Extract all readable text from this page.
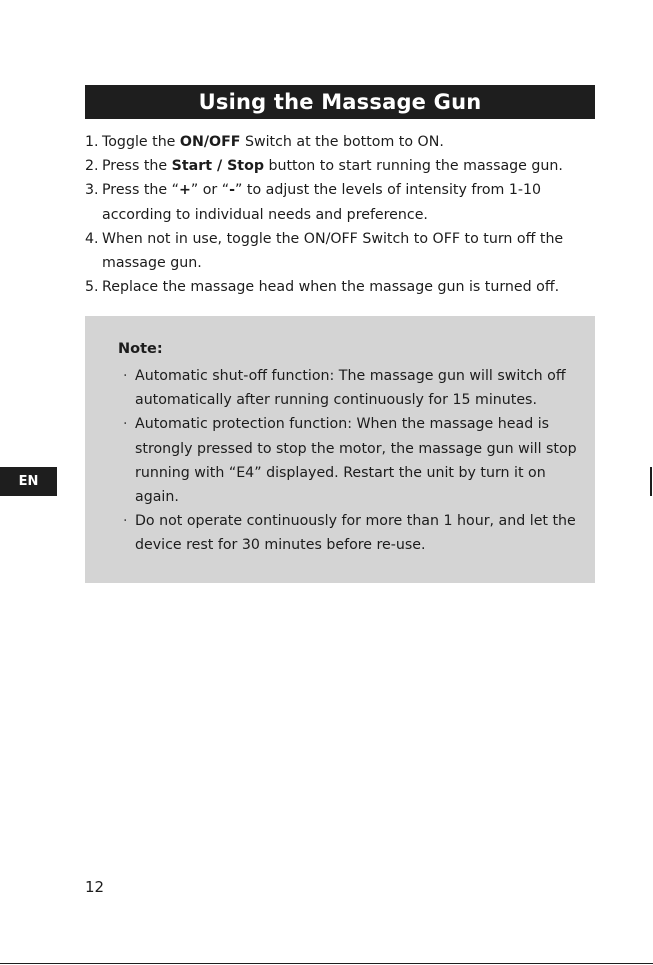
Using the Massage Gun
1. Toggle the ON/OFF Switch at the bottom to ON.
2. Press the Start / Stop button to start running the massage gun.
3. Press the “+” or “-” to adjust the levels of intensity from 1-10 according to individual needs and preference.
4. When not in use, toggle the ON/OFF Switch to OFF to turn off the massage gun.
5. Replace the massage head when the massage gun is turned off.
Note:
· Automatic shut-off function: The massage gun will switch off automatically after running continuously for 15 minutes.
· Automatic protection function: When the massage head is strongly pressed to stop the motor, the massage gun will stop running with “E4” displayed. Restart the unit by turn it on again.
· Do not operate continuously for more than 1 hour, and let the device rest for 30 minutes before re-use.
EN
12
